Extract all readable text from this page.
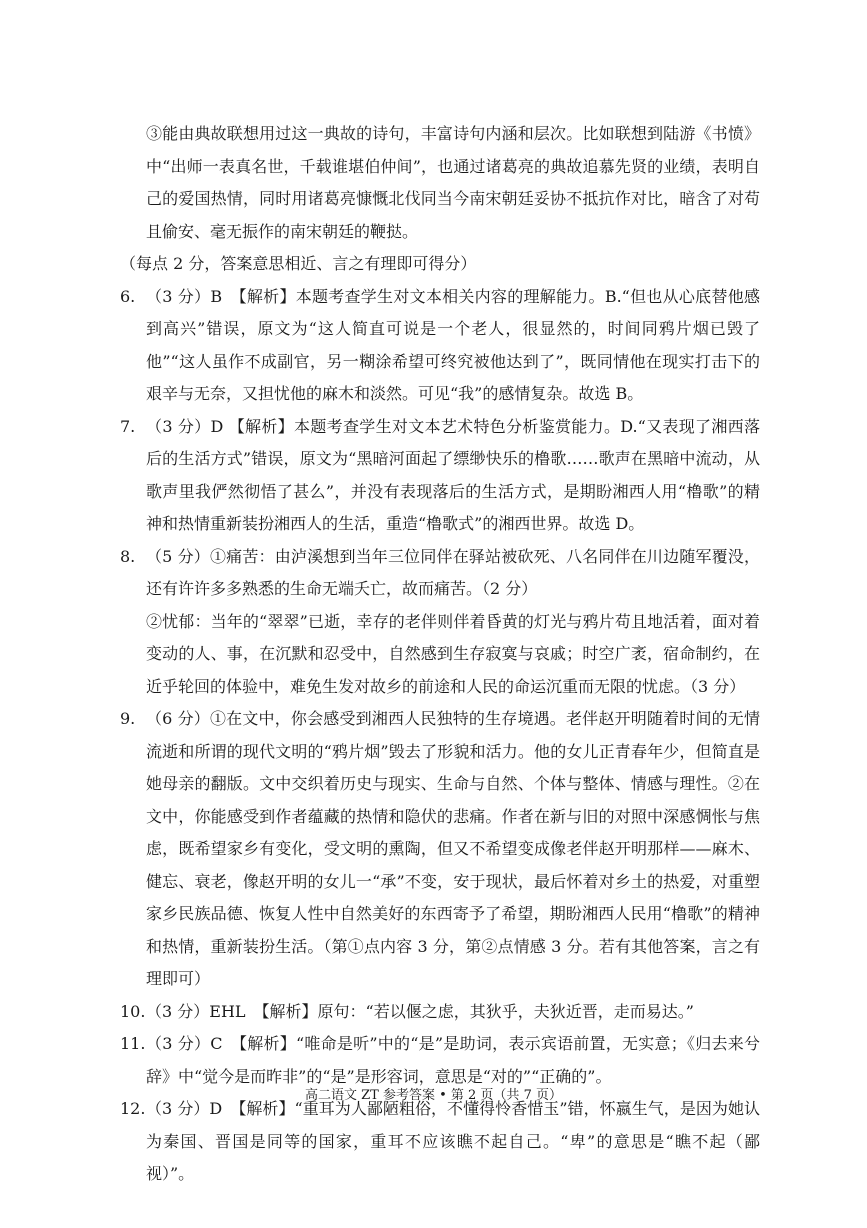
③能由典故联想用过这一典故的诗句，丰富诗句内涵和层次。比如联想到陆游《书愤》中“出师一表真名世，千载谁堪伯仲间”，也通过诸葛亮的典故追慕先贤的业绩，表明自己的爱国热情，同时用诸葛亮慷慨北伐同当今南宋朝廷妥协不抵抗作对比，暗含了对苟且偷安、毫无振作的南宋朝廷的鞭挞。

（每点 2 分，答案意思相近、言之有理即可得分）

6. （3 分）B　【解析】本题考查学生对文本相关内容的理解能力。B.“但也从心底替他感到高兴”错误，原文为“这人简直可说是一个老人，很显然的，时间同鸦片烟已毁了他”“这人虽作不成副官，另一糊涂希望可终究被他达到了”，既同情他在现实打击下的艰辛与无奈，又担忧他的麻木和淡然。可见“我”的感情复杂。故选 B。
7. （3 分）D 【解析】本题考查学生对文本艺术特色分析鉴赏能力。D.“又表现了湘西落后的生活方式”错误，原文为“黑暗河面起了缥缈快乐的橹歌……歌声在黑暗中流动，从歌声里我俨然彻悟了甚么”，并没有表现落后的生活方式，是期盼湘西人用“橹歌”的精神和热情重新装扮湘西人的生活，重造“橹歌式”的湘西世界。故选 D。
8. （5 分）①痛苦：由泸溪想到当年三位同伴在驿站被砍死、八名同伴在川边随军覆没，还有许许多多熟悉的生命无端夭亡，故而痛苦。（2 分）

②忧郁：当年的“翠翠”已逝，幸存的老伴则伴着昏黄的灯光与鸦片苟且地活着，面对着变动的人、事，在沉默和忍受中，自然感到生存寂寞与哀戚；时空广袤，宿命制约，在近乎轮回的体验中，难免生发对故乡的前途和人民的命运沉重而无限的忧虑。（3 分）

9. （6 分）①在文中，你会感受到湘西人民独特的生存境遇。老伴赵开明随着时间的无情流逝和所谓的现代文明的“鸦片烟”毁去了形貌和活力。他的女儿正青春年少，但简直是她母亲的翻版。文中交织着历史与现实、生命与自然、个体与整体、情感与理性。②在文中，你能感受到作者蕴藏的热情和隐伏的悲痛。作者在新与旧的对照中深感惆怅与焦虑，既希望家乡有变化，受文明的熏陶，但又不希望变成像老伴赵开明那样——麻木、健忘、衰老，像赵开明的女儿一“承”不变，安于现状，最后怀着对乡土的热爱，对重塑家乡民族品德、恢复人性中自然美好的东西寄予了希望，期盼湘西人民用“橹歌”的精神和热情，重新装扮生活。（第①点内容 3 分，第②点情感 3 分。若有其他答案，言之有理即可）
10. （3 分）EHL　【解析】原句：“若以偃之虑，其狄乎，夫狄近晋，走而易达。”
11. （3 分）C　【解析】“唯命是听”中的“是”是助词，表示宾语前置，无实意；《归去来兮辞》中“觉今是而昨非”的“是”是形容词，意思是“对的”“正确的”。
12. （3 分）D　【解析】“重耳为人鄙陋粗俗，不懂得怜香惜玉”错，怀嬴生气，是因为她认为秦国、晋国是同等的国家，重耳不应该瞧不起自己。“卑”的意思是“瞧不起（鄙视）”。
高二语文 ZT 参考答案 • 第 2 页（共 7 页）
